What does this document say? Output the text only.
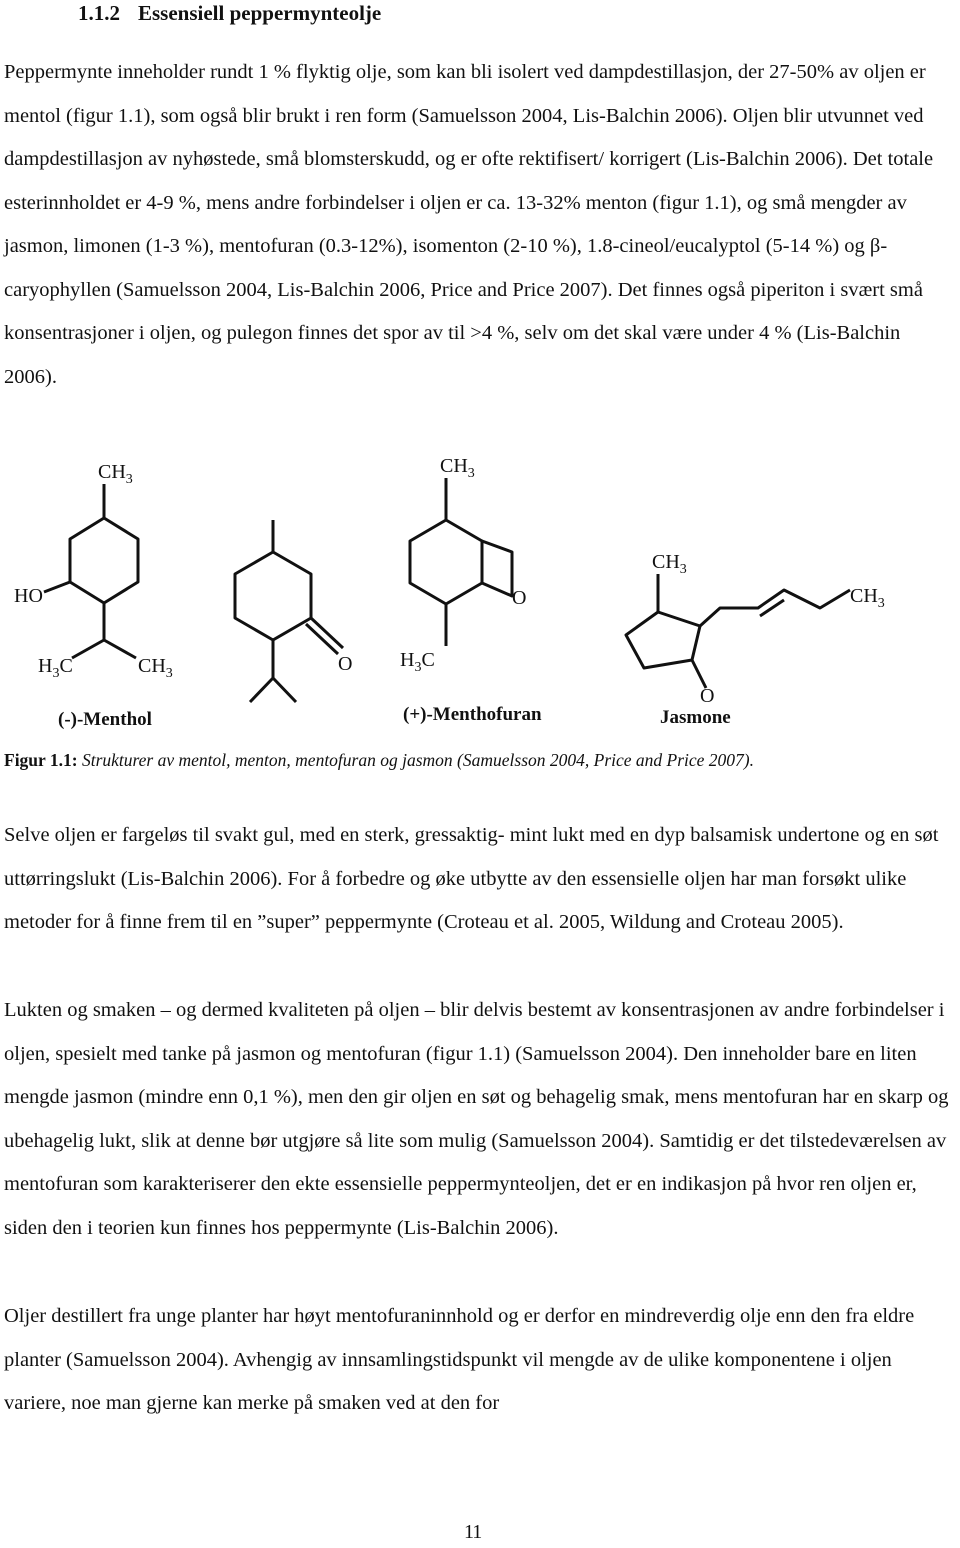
1.1.2 Essensiell peppermynteolje

Peppermynte inneholder rundt 1 % flyktig olje, som kan bli isolert ved dampdestillasjon, der 27-50% av oljen er mentol (figur 1.1), som også blir brukt i ren form (Samuelsson 2004, Lis-Balchin 2006). Oljen blir utvunnet ved dampdestillasjon av nyhøstede, små blomsterskudd, og er ofte rektifisert/ korrigert (Lis-Balchin 2006). Det totale esterinnholdet er 4-9 %, mens andre forbindelser i oljen er ca. 13-32% menton (figur 1.1), og små mengder av jasmon, limonen (1-3 %), mentofuran (0.3-12%), isomenton (2-10 %), 1.8-cineol/eucalyptol (5-14 %) og β-caryophyllen (Samuelsson 2004, Lis-Balchin 2006, Price and Price 2007). Det finnes også piperiton i svært små konsentrasjoner i oljen, og pulegon finnes det spor av til >4 %, selv om det skal være under 4 % (Lis-Balchin 2006).

$CH_3$
HO
$H_3C$	$CH_3$
(-)-Menthol
O
$CH_3$
O
$H_3C$
(+)-Menthofuran
$CH_3$
$CH_3$
O
Jasmone
Figur 1.1: Strukturer av mentol, menton, mentofuran og jasmon (Samuelsson 2004, Price and Price 2007).

Selve oljen er fargeløs til svakt gul, med en sterk, gressaktig- mint lukt med en dyp balsamisk undertone og en søt uttørringslukt (Lis-Balchin 2006). For å forbedre og øke utbytte av den essensielle oljen har man forsøkt ulike metoder for å finne frem til en ”super” peppermynte (Croteau et al. 2005, Wildung and Croteau 2005).

Lukten og smaken – og dermed kvaliteten på oljen – blir delvis bestemt av konsentrasjonen av andre forbindelser i oljen, spesielt med tanke på jasmon og mentofuran (figur 1.1) (Samuelsson 2004). Den inneholder bare en liten mengde jasmon (mindre enn 0,1 %), men den gir oljen en søt og behagelig smak, mens mentofuran har en skarp og ubehagelig lukt, slik at denne bør utgjøre så lite som mulig (Samuelsson 2004). Samtidig er det tilstedeværelsen av mentofuran som karakteriserer den ekte essensielle peppermynteoljen, det er en indikasjon på hvor ren oljen er, siden den i teorien kun finnes hos peppermynte (Lis-Balchin 2006).

Oljer destillert fra unge planter har høyt mentofuraninnhold og er derfor en mindreverdig olje enn den fra eldre planter (Samuelsson 2004). Avhengig av innsamlingstidspunkt vil mengde av de ulike komponentene i oljen variere, noe man gjerne kan merke på smaken ved at den for

11
